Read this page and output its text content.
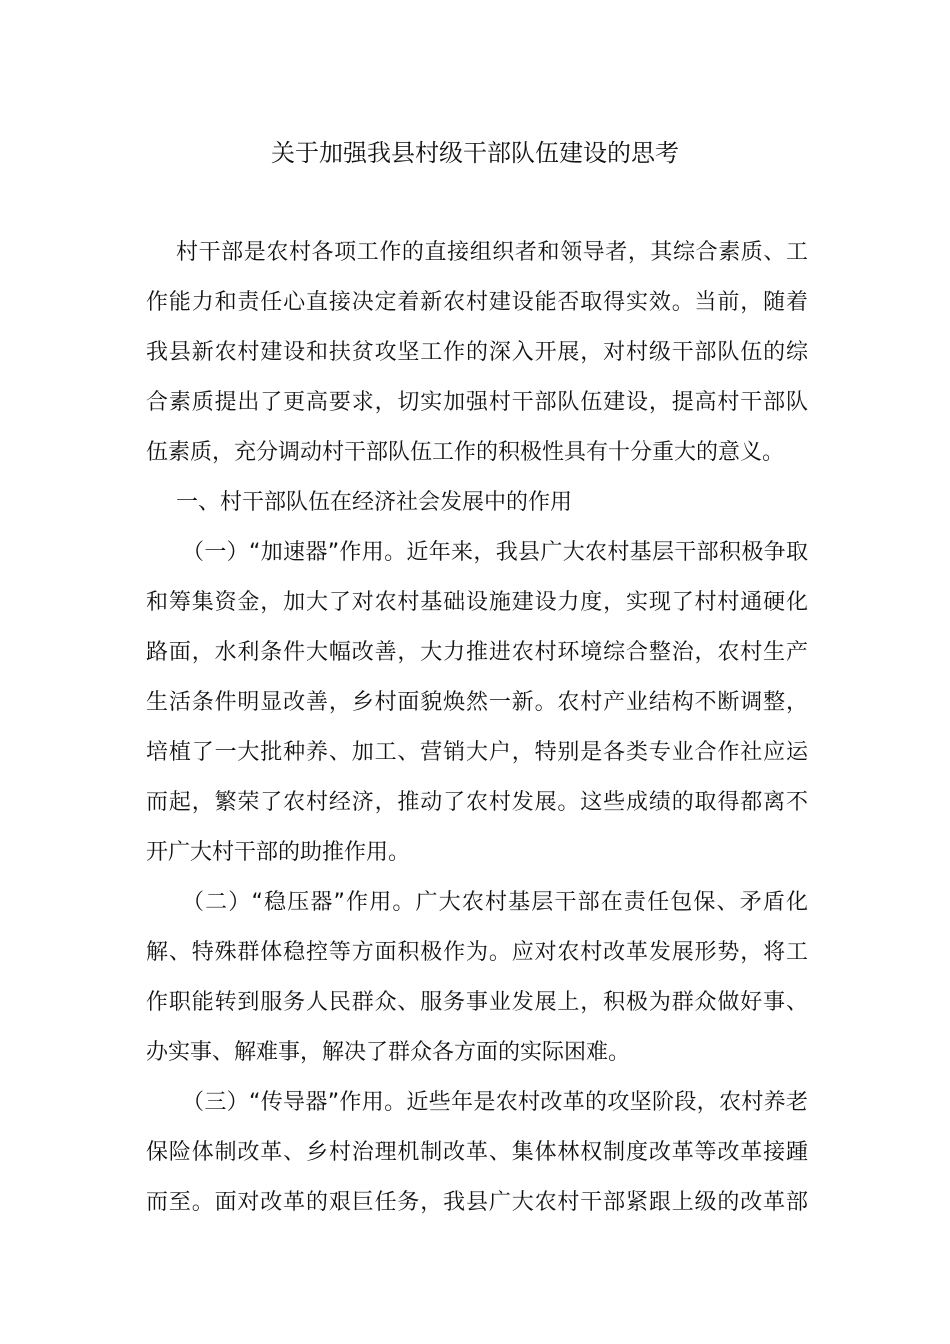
关于加强我县村级干部队伍建设的思考
村干部是农村各项工作的直接组织者和领导者，其综合素质、工
作能力和责任心直接决定着新农村建设能否取得实效。当前，随着
我县新农村建设和扶贫攻坚工作的深入开展，对村级干部队伍的综
合素质提出了更高要求，切实加强村干部队伍建设，提高村干部队
伍素质，充分调动村干部队伍工作的积极性具有十分重大的意义。
一、村干部队伍在经济社会发展中的作用
（一）“加速器”作用。近年来，我县广大农村基层干部积极争取
和筹集资金，加大了对农村基础设施建设力度，实现了村村通硬化
路面，水利条件大幅改善，大力推进农村环境综合整治，农村生产
生活条件明显改善，乡村面貌焕然一新。农村产业结构不断调整，
培植了一大批种养、加工、营销大户，特别是各类专业合作社应运
而起，繁荣了农村经济，推动了农村发展。这些成绩的取得都离不
开广大村干部的助推作用。
（二）“稳压器”作用。广大农村基层干部在责任包保、矛盾化
解、特殊群体稳控等方面积极作为。应对农村改革发展形势，将工
作职能转到服务人民群众、服务事业发展上，积极为群众做好事、
办实事、解难事，解决了群众各方面的实际困难。
（三）“传导器”作用。近些年是农村改革的攻坚阶段，农村养老
保险体制改革、乡村治理机制改革、集体林权制度改革等改革接踵
而至。面对改革的艰巨任务，我县广大农村干部紧跟上级的改革部
